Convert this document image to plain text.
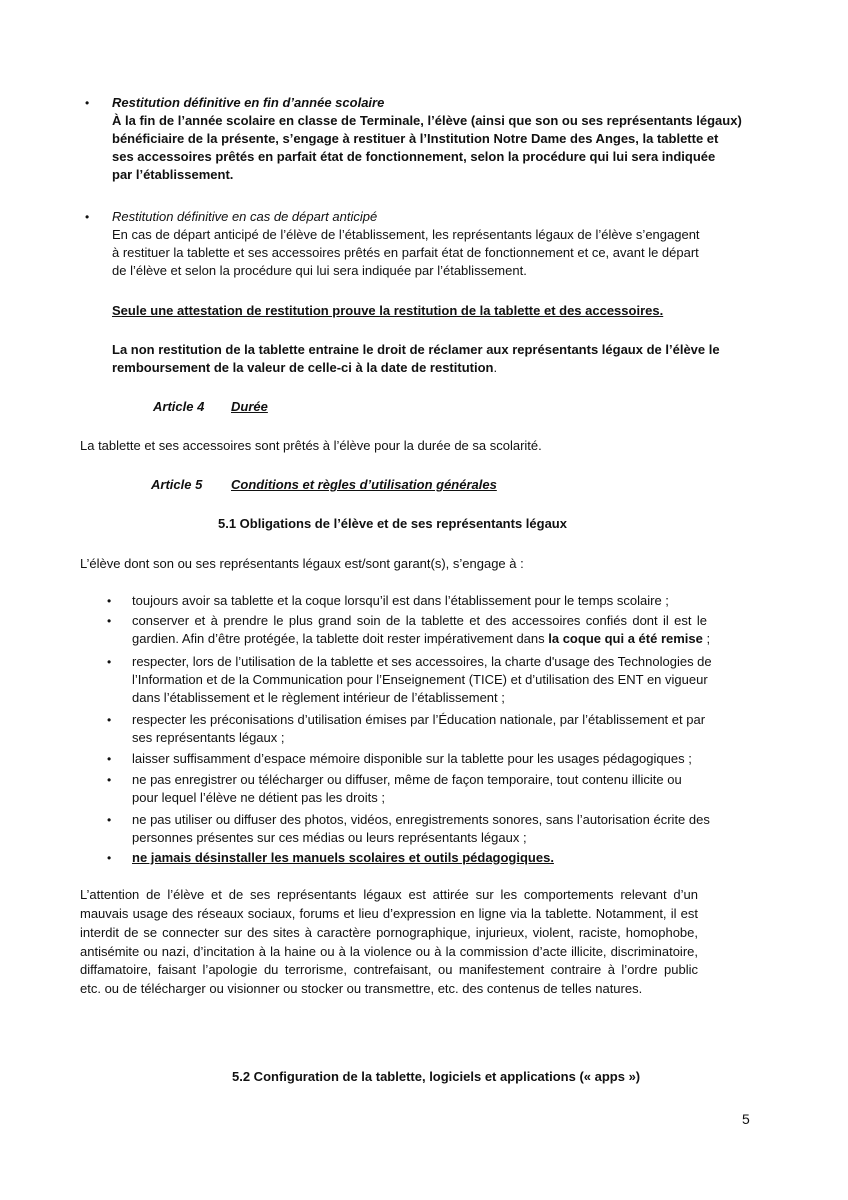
• Restitution définitive en fin d’année scolaire
À la fin de l’année scolaire en classe de Terminale, l’élève (ainsi que son ou ses représentants légaux)
bénéficiaire de la présente, s’engage à restituer à l’Institution Notre Dame des Anges, la tablette et
ses accessoires prêtés en parfait état de fonctionnement, selon la procédure qui lui sera indiquée
par l’établissement.
• Restitution définitive en cas de départ anticipé
En cas de départ anticipé de l’élève de l’établissement, les représentants légaux de l’élève s’engagent
à restituer la tablette et ses accessoires prêtés en parfait état de fonctionnement et ce, avant le départ
de l’élève et selon la procédure qui lui sera indiquée par l’établissement.
Seule une attestation de restitution prouve la restitution de la tablette et des accessoires.
La non restitution de la tablette entraine le droit de réclamer aux représentants légaux de l’élève le
remboursement de la valeur de celle-ci à la date de restitution.
Article 4 Durée
La tablette et ses accessoires sont prêtés à l’élève pour la durée de sa scolarité.
Article 5 Conditions et règles d’utilisation générales
5.1 Obligations de l’élève et de ses représentants légaux
L’élève dont son ou ses représentants légaux est/sont garant(s), s’engage à :
• toujours avoir sa tablette et la coque lorsqu’il est dans l’établissement pour le temps scolaire ;
• conserver et à prendre le plus grand soin de la tablette et des accessoires confiés dont il est le
gardien. Afin d’être protégée, la tablette doit rester impérativement dans la coque qui a été remise ;
• respecter, lors de l’utilisation de la tablette et ses accessoires, la charte d'usage des Technologies de
l’Information et de la Communication pour l’Enseignement (TICE) et d’utilisation des ENT en vigueur
dans l’établissement et le règlement intérieur de l’établissement ;
• respecter les préconisations d’utilisation émises par l’Éducation nationale, par l’établissement et par
ses représentants légaux ;
• laisser suffisamment d’espace mémoire disponible sur la tablette pour les usages pédagogiques ;
• ne pas enregistrer ou télécharger ou diffuser, même de façon temporaire, tout contenu illicite ou
pour lequel l’élève ne détient pas les droits ;
• ne pas utiliser ou diffuser des photos, vidéos, enregistrements sonores, sans l’autorisation écrite des
personnes présentes sur ces médias ou leurs représentants légaux ;
• ne jamais désinstaller les manuels scolaires et outils pédagogiques.
L’attention de l’élève et de ses représentants légaux est attirée sur les comportements relevant d’un
mauvais usage des réseaux sociaux, forums et lieu d’expression en ligne via la tablette. Notamment, il est
interdit de se connecter sur des sites à caractère pornographique, injurieux, violent, raciste, homophobe,
antisémite ou nazi, d’incitation à la haine ou à la violence ou à la commission d’acte illicite, discriminatoire,
diffamatoire, faisant l’apologie du terrorisme, contrefaisant, ou manifestement contraire à l’ordre public
etc. ou de télécharger ou visionner ou stocker ou transmettre, etc. des contenus de telles natures.
5.2 Configuration de la tablette, logiciels et applications (« apps »)
5
